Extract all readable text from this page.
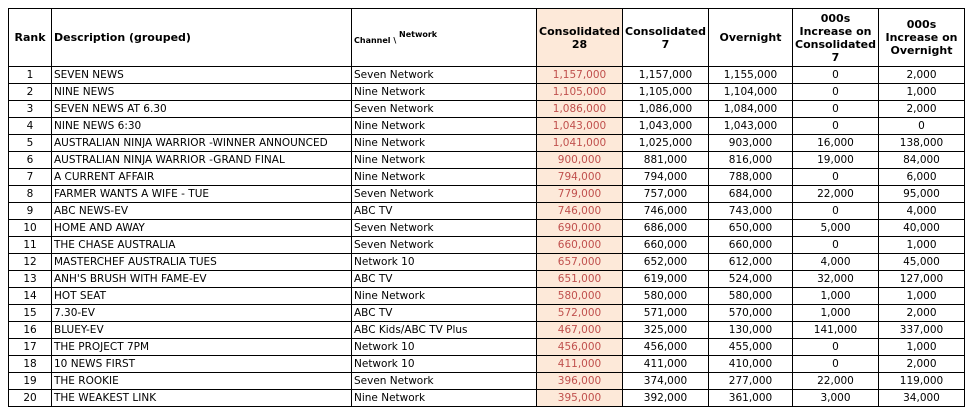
Rank	Description (grouped)	Channel \ Network	Consolidated 28	Consolidated 7	Overnight	000s Increase on Consolidated 7	000s Increase on Overnight
1	SEVEN NEWS	Seven Network	1,157,000	1,157,000	1,155,000	0	2,000
2	NINE NEWS	Nine Network	1,105,000	1,105,000	1,104,000	0	1,000
3	SEVEN NEWS AT 6.30	Seven Network	1,086,000	1,086,000	1,084,000	0	2,000
4	NINE NEWS 6:30	Nine Network	1,043,000	1,043,000	1,043,000	0	0
5	AUSTRALIAN NINJA WARRIOR -WINNER ANNOUNCED	Nine Network	1,041,000	1,025,000	903,000	16,000	138,000
6	AUSTRALIAN NINJA WARRIOR -GRAND FINAL	Nine Network	900,000	881,000	816,000	19,000	84,000
7	A CURRENT AFFAIR	Nine Network	794,000	794,000	788,000	0	6,000
8	FARMER WANTS A WIFE - TUE	Seven Network	779,000	757,000	684,000	22,000	95,000
9	ABC NEWS-EV	ABC TV	746,000	746,000	743,000	0	4,000
10	HOME AND AWAY	Seven Network	690,000	686,000	650,000	5,000	40,000
11	THE CHASE AUSTRALIA	Seven Network	660,000	660,000	660,000	0	1,000
12	MASTERCHEF AUSTRALIA TUES	Network 10	657,000	652,000	612,000	4,000	45,000
13	ANH'S BRUSH WITH FAME-EV	ABC TV	651,000	619,000	524,000	32,000	127,000
14	HOT SEAT	Nine Network	580,000	580,000	580,000	1,000	1,000
15	7.30-EV	ABC TV	572,000	571,000	570,000	1,000	2,000
16	BLUEY-EV	ABC Kids/ABC TV Plus	467,000	325,000	130,000	141,000	337,000
17	THE PROJECT 7PM	Network 10	456,000	456,000	455,000	0	1,000
18	10 NEWS FIRST	Network 10	411,000	411,000	410,000	0	2,000
19	THE ROOKIE	Seven Network	396,000	374,000	277,000	22,000	119,000
20	THE WEAKEST LINK	Nine Network	395,000	392,000	361,000	3,000	34,000
